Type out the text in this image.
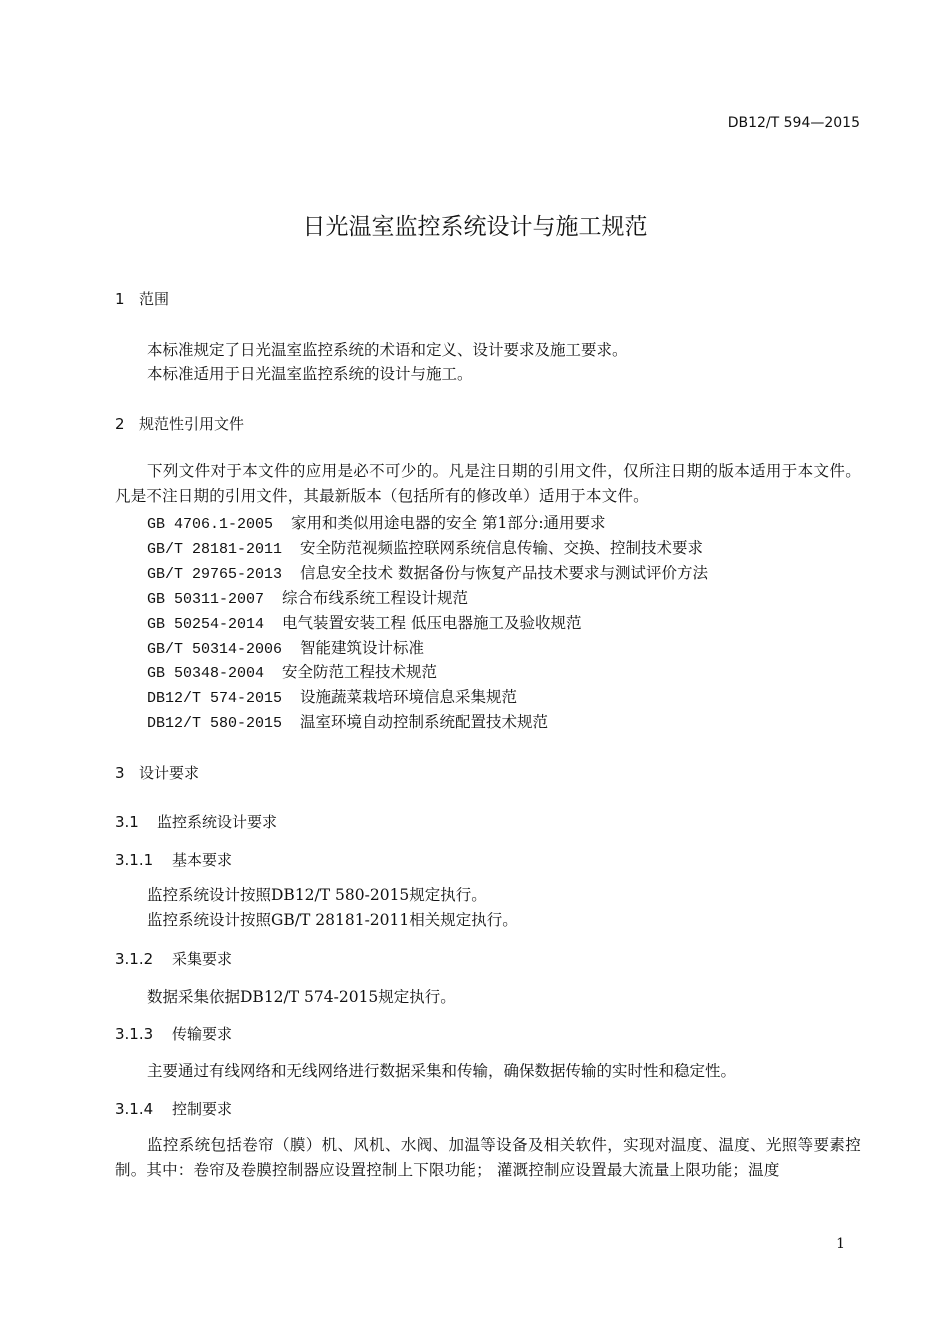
DB12/T 594—2015
日光温室监控系统设计与施工规范
1 范围
本标准规定了日光温室监控系统的术语和定义、设计要求及施工要求。
本标准适用于日光温室监控系统的设计与施工。
2 规范性引用文件
下列文件对于本文件的应用是必不可少的。凡是注日期的引用文件，仅所注日期的版本适用于本文件。凡是不注日期的引用文件，其最新版本（包括所有的修改单）适用于本文件。
GB 4706.1-2005 家用和类似用途电器的安全 第1部分:通用要求
GB/T 28181-2011 安全防范视频监控联网系统信息传输、交换、控制技术要求
GB/T 29765-2013 信息安全技术 数据备份与恢复产品技术要求与测试评价方法
GB 50311-2007 综合布线系统工程设计规范
GB 50254-2014 电气装置安装工程 低压电器施工及验收规范
GB/T 50314-2006 智能建筑设计标准
GB 50348-2004 安全防范工程技术规范
DB12/T 574-2015 设施蔬菜栽培环境信息采集规范
DB12/T 580-2015 温室环境自动控制系统配置技术规范
3 设计要求
3.1 监控系统设计要求
3.1.1 基本要求
监控系统设计按照DB12/T 580-2015规定执行。
监控系统设计按照GB/T 28181-2011相关规定执行。
3.1.2 采集要求
数据采集依据DB12/T 574-2015规定执行。
3.1.3 传输要求
主要通过有线网络和无线网络进行数据采集和传输，确保数据传输的实时性和稳定性。
3.1.4 控制要求
监控系统包括卷帘（膜）机、风机、水阀、加温等设备及相关软件，实现对温度、温度、光照等要素控制。其中：卷帘及卷膜控制器应设置控制上下限功能； 灌溉控制应设置最大流量上限功能；温度
1
